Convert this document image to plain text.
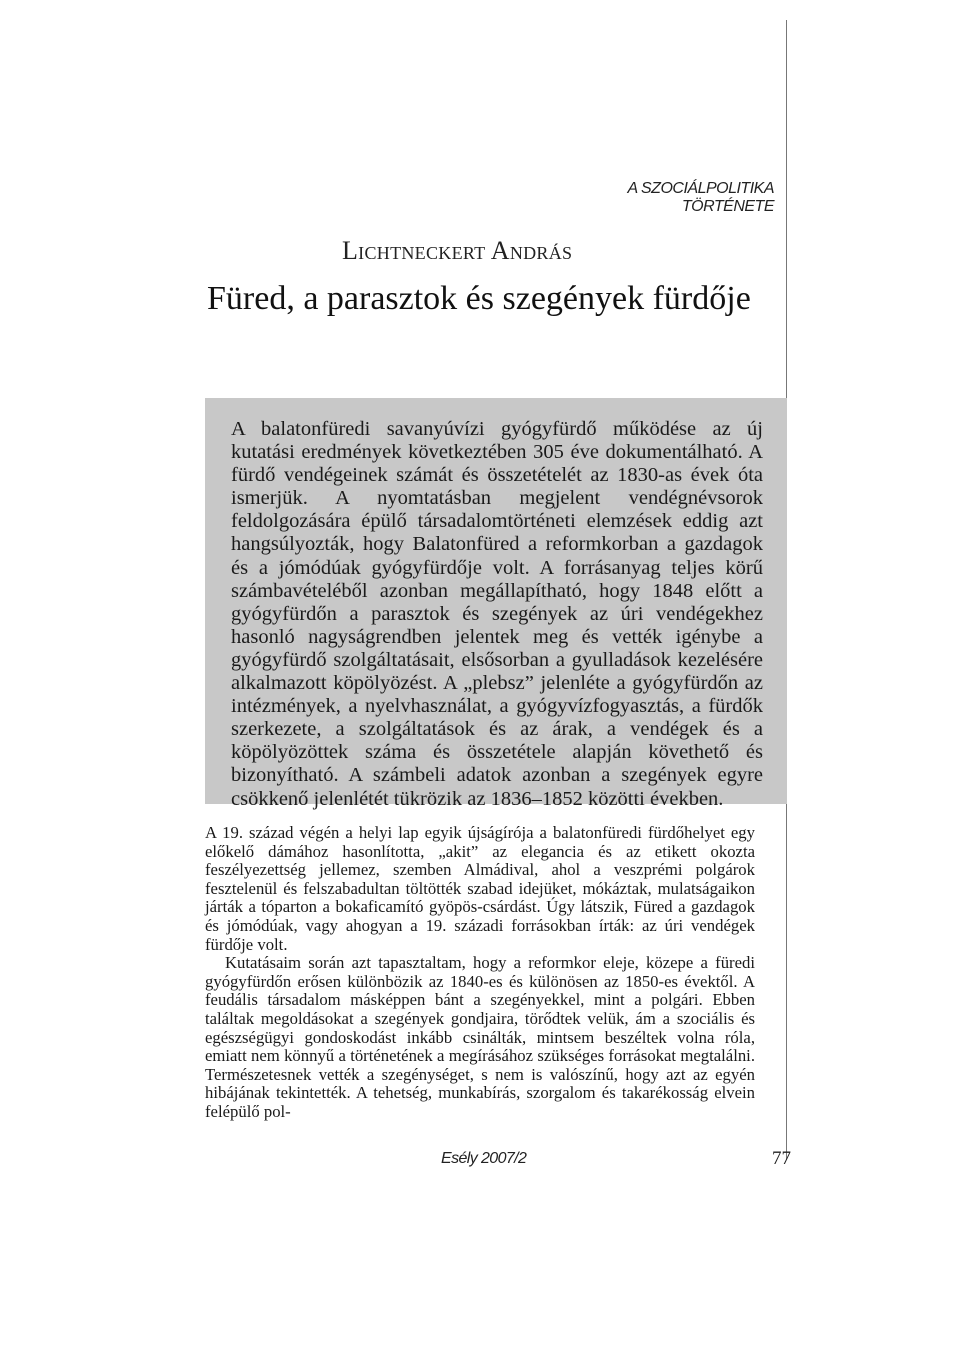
A SZOCIÁLPOLITIKA
TÖRTÉNETE
Lichtneckert András
Füred, a parasztok és szegények fürdője
A balatonfüredi savanyúvízi gyógyfürdő működése az új kutatási eredmények következtében 305 éve dokumentálható. A fürdő vendégeinek számát és összetételét az 1830-as évek óta ismerjük. A nyomtatásban megjelent vendégnévsorok feldolgozására épülő társadalomtörténeti elemzések eddig azt hangsúlyozták, hogy Balatonfüred a reformkorban a gazdagok és a jómódúak gyógyfürdője volt. A forrásanyag teljes körű számbavételéből azonban megállapítható, hogy 1848 előtt a gyógyfürdőn a parasztok és szegények az úri vendégekhez hasonló nagyságrendben jelentek meg és vették igénybe a gyógyfürdő szolgáltatásait, elsősorban a gyulladások kezelésére alkalmazott köpölyözést. A „plebsz” jelenléte a gyógyfürdőn az intézmények, a nyelvhasználat, a gyógyvízfogyasztás, a fürdők szerkezete, a szolgáltatások és az árak, a vendégek és a köpölyözöttek száma és összetétele alapján követhető és bizonyítható. A számbeli adatok azonban a szegények egyre csökkenő jelenlétét tükrözik az 1836–1852 közötti években.

A 19. század végén a helyi lap egyik újságírója a balatonfüredi fürdőhelyet egy előkelő dámához hasonlította, „akit” az elegancia és az etikett okozta feszélyezettség jellemez, szemben Almádival, ahol a veszprémi polgárok fesztelenül és felszabadultan töltötték szabad idejüket, mókáztak, mulatságaikon járták a tóparton a bokaficamító gyöpös-csárdást. Úgy látszik, Füred a gazdagok és jómódúak, vagy ahogyan a 19. századi forrásokban írták: az úri vendégek fürdője volt.

Kutatásaim során azt tapasztaltam, hogy a reformkor eleje, közepe a füredi gyógyfürdőn erősen különbözik az 1840-es és különösen az 1850-es évektől. A feudális társadalom másképpen bánt a szegényekkel, mint a polgári. Ebben találtak megoldásokat a szegények gondjaira, törődtek velük, ám a szociális és egészségügyi gondoskodást inkább csinálták, mintsem beszéltek volna róla, emiatt nem könnyű a történetének a megírásához szükséges forrásokat megtalálni. Természetesnek vették a szegénységet, s nem is valószínű, hogy azt az egyén hibájának tekintették. A tehetség, munkabírás, szorgalom és takarékosság elvein felépülő pol-

Esély 2007/2	77
